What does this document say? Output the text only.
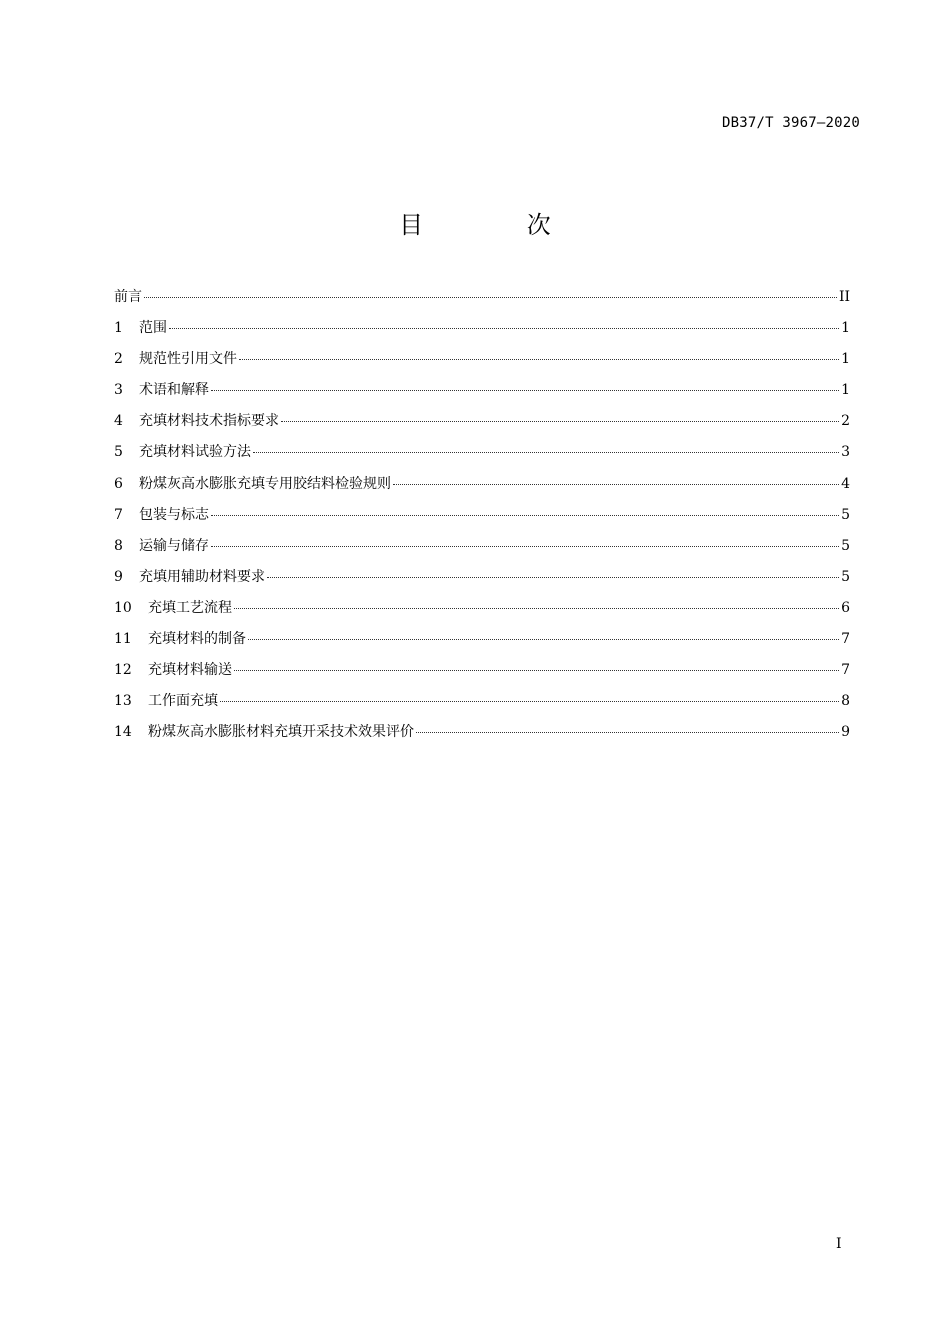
DB37/T 3967—2020
目 次
前言	II
1	范围	1
2	规范性引用文件	1
3	术语和解释	1
4	充填材料技术指标要求	2
5	充填材料试验方法	3
6	粉煤灰高水膨胀充填专用胶结料检验规则	4
7	包装与标志	5
8	运输与储存	5
9	充填用辅助材料要求	5
10	充填工艺流程	6
11	充填材料的制备	7
12	充填材料输送	7
13	工作面充填	8
14	粉煤灰高水膨胀材料充填开采技术效果评价	9
I
